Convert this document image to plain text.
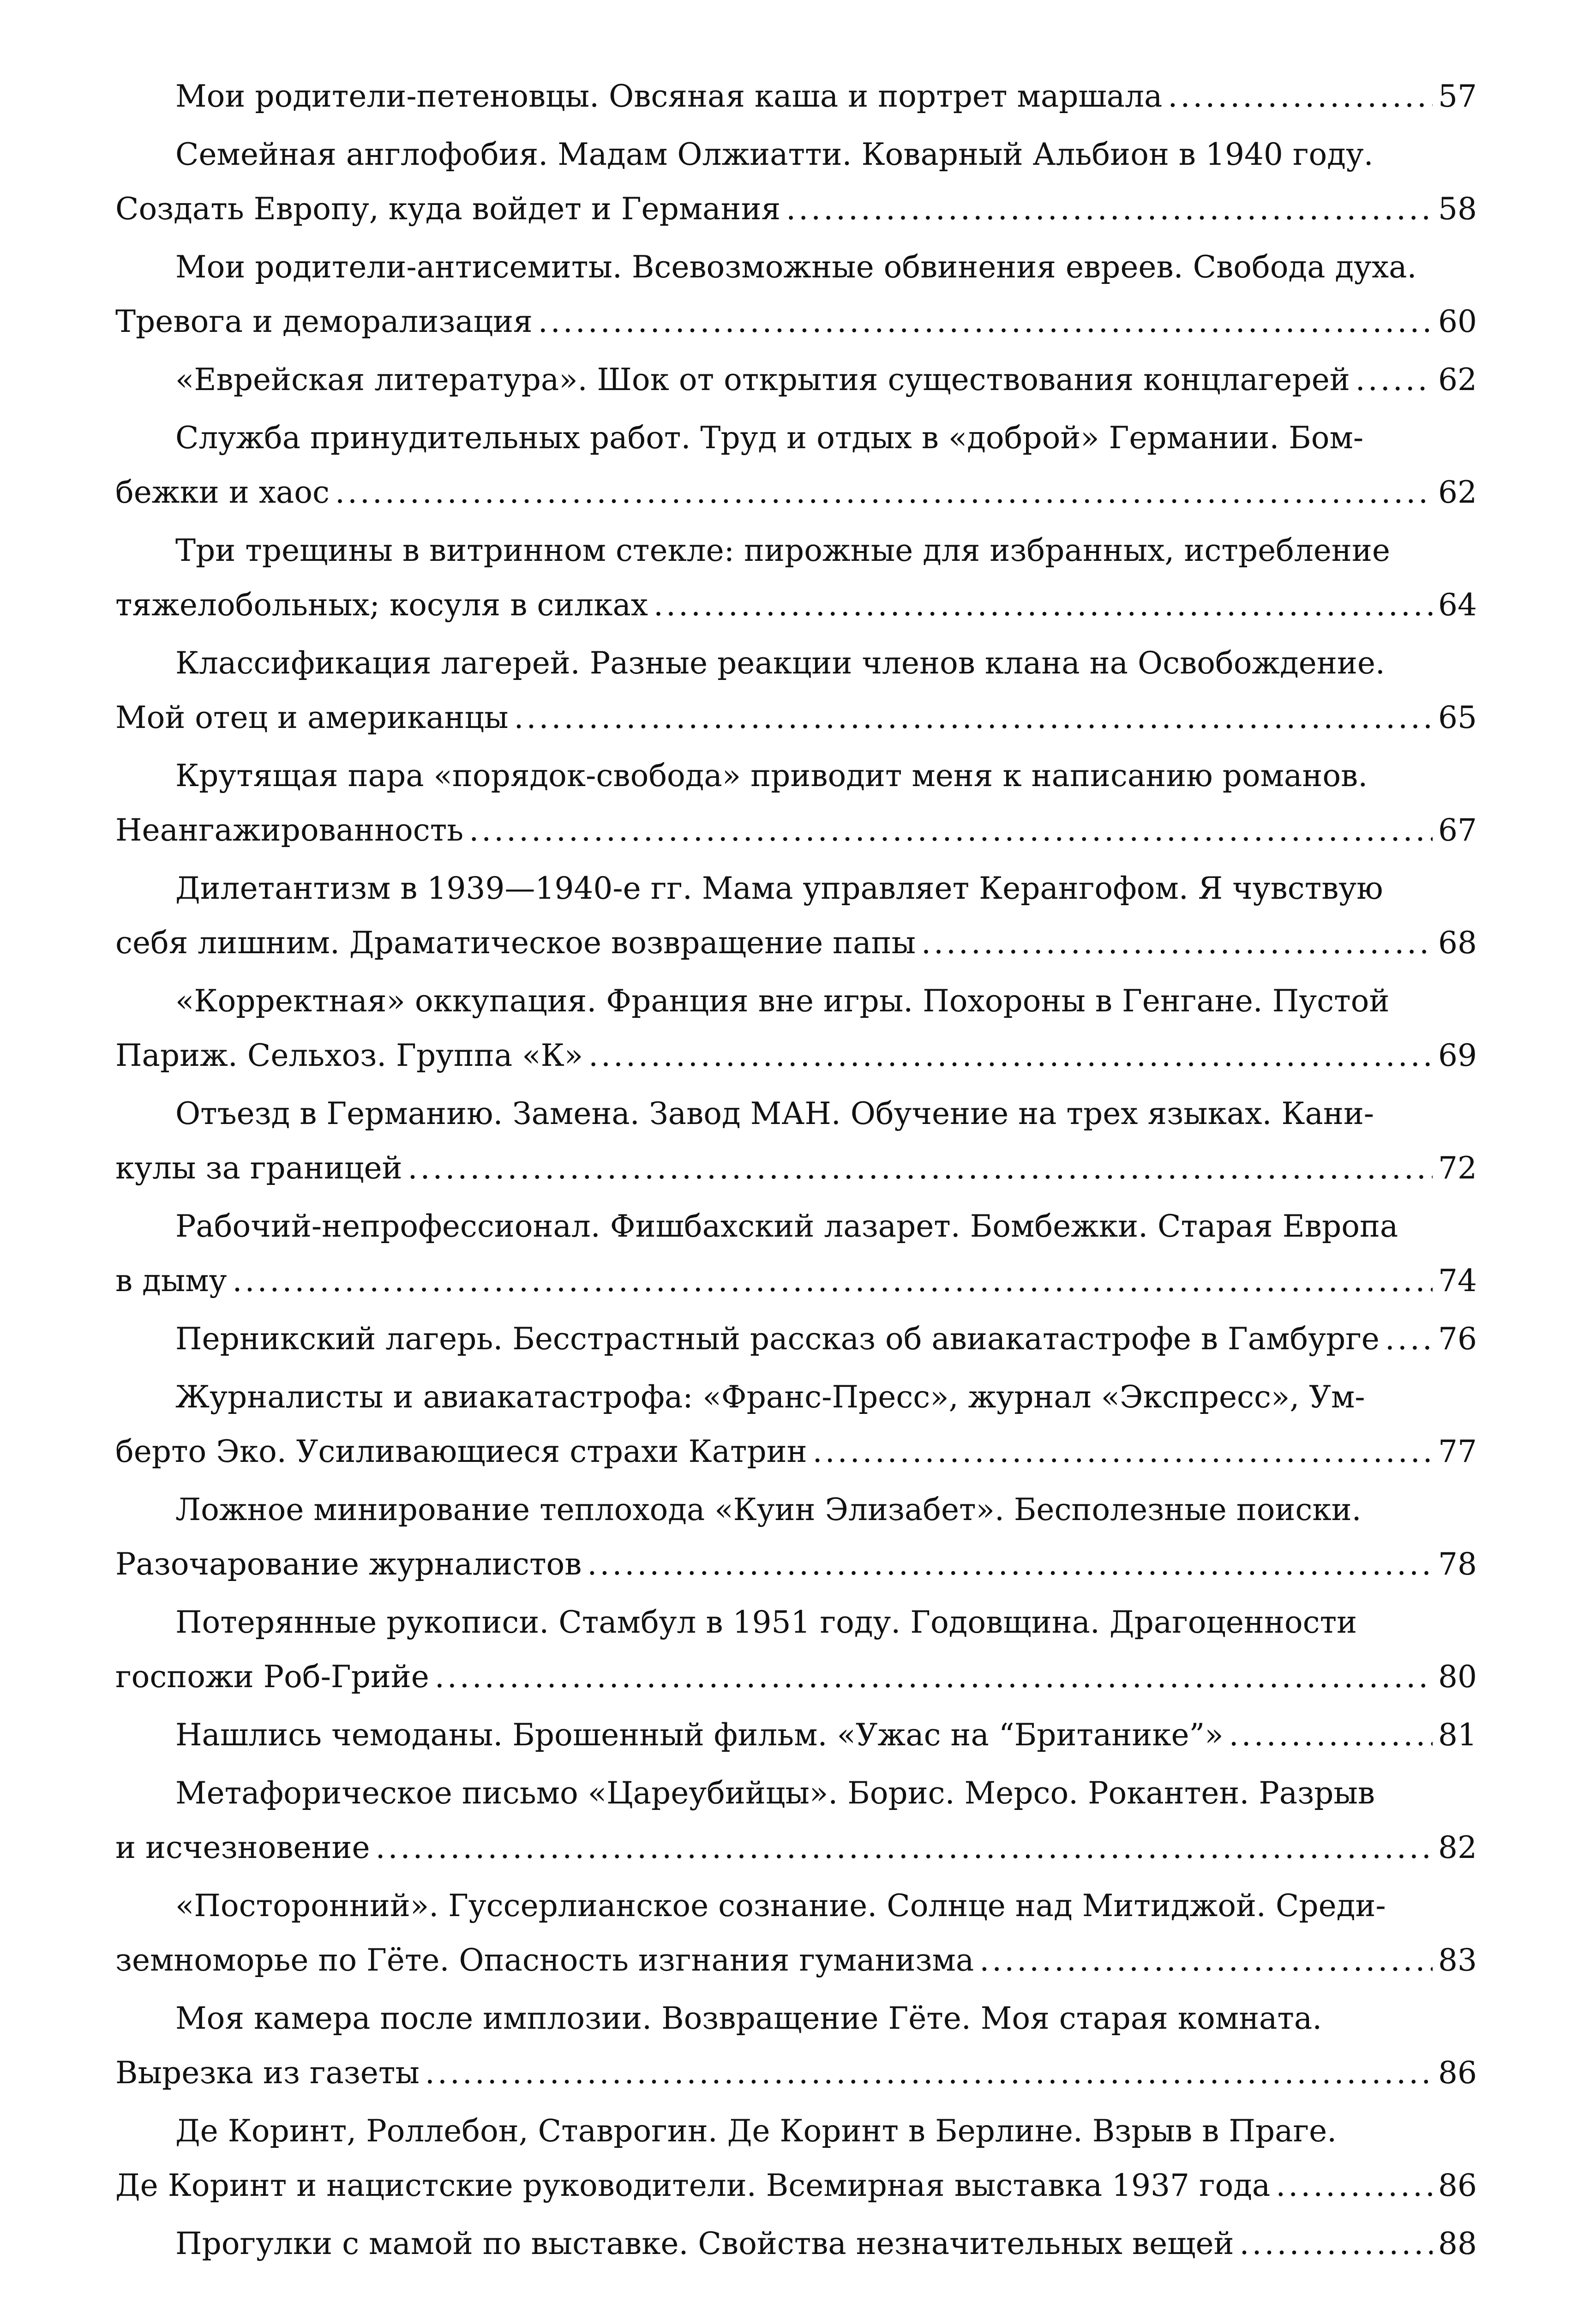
Мои родители-петеновцы. Овсяная каша и портрет маршала .....	57
Семейная англофобия. Мадам Олжиатти. Коварный Альбион в 1940 году.
Создать Европу, куда войдет и Германия .....	58
Мои родители-антисемиты. Всевозможные обвинения евреев. Свобода духа.
Тревога и деморализация .....	60
«Еврейская литература». Шок от открытия существования концлагерей .....	62
Служба принудительных работ. Труд и отдых в «доброй» Германии. Бом-
бежки и хаос .....	62
Три трещины в витринном стекле: пирожные для избранных, истребление
тяжелобольных; косуля в силках .....	64
Классификация лагерей. Разные реакции членов клана на Освобождение.
Мой отец и американцы .....	65
Крутящая пара «порядок-свобода» приводит меня к написанию романов.
Неангажированность .....	67
Дилетантизм в 1939—1940-е гг. Мама управляет Керангофом. Я чувствую
себя лишним. Драматическое возвращение папы .....	68
«Корректная» оккупация. Франция вне игры. Похороны в Генгане. Пустой
Париж. Сельхоз. Группа «К» .....	69
Отъезд в Германию. Замена. Завод МАН. Обучение на трех языках. Кани-
кулы за границей .....	72
Рабочий-непрофессионал. Фишбахский лазарет. Бомбежки. Старая Европа
в дыму .....	74
Перникский лагерь. Бесстрастный рассказ об авиакатастрофе в Гамбурге ..... 76
Журналисты и авиакатастрофа: «Франс-Пресс», журнал «Экспресс», Ум-
берто Эко. Усиливающиеся страхи Катрин .....	77
Ложное минирование теплохода «Куин Элизабет». Бесполезные поиски.
Разочарование журналистов .....	78
Потерянные рукописи. Стамбул в 1951 году. Годовщина. Драгоценности
госпожи Роб-Грийе .....	80
Нашлись чемоданы. Брошенный фильм. «Ужас на “Британике”» .....	81
Метафорическое письмо «Цареубийцы». Борис. Мерсо. Рокантен. Разрыв
и исчезновение .....	82
«Посторонний». Гуссерлианское сознание. Солнце над Митиджой. Среди-
земноморье по Гёте. Опасность изгнания гуманизма .....	83
Моя камера после имплозии. Возвращение Гёте. Моя старая комната.
Вырезка из газеты .....	86
Де Коринт, Роллебон, Ставрогин. Де Коринт в Берлине. Взрыв в Праге.
Де Коринт и нацистские руководители. Всемирная выставка 1937 года .....	86
Прогулки с мамой по выставке. Свойства незначительных вещей .....	88
